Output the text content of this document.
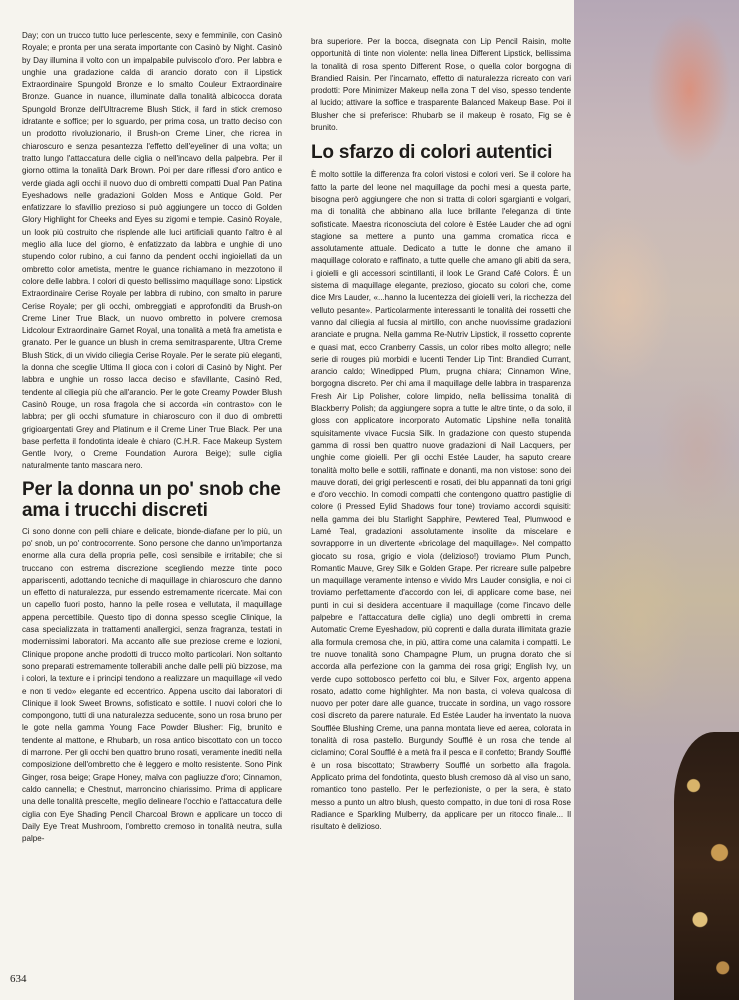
Day; con un trucco tutto luce perlescente, sexy e femminile, con Casinò Royale; e pronta per una serata importante con Casinò by Night. Casinò by Day illumina il volto con un impalpabile pulviscolo d'oro. Per labbra e unghie una gradazione calda di arancio dorato con il Lipstick Extraordinaire Spungold Bronze e lo smalto Couleur Extraordinaire Bronze. Guance in nuance, illuminate dalla tonalità albicocca dorata Spungold Bronze dell'Ultracreme Blush Stick, il fard in stick cremoso idratante e soffice; per lo sguardo, per prima cosa, un tratto deciso con un prodotto rivoluzionario, il Brush-on Creme Liner, che ricrea in chiaroscuro e senza pesantezza l'effetto dell'eyeliner di una volta; un tratto lungo l'attaccatura delle ciglia o nell'incavo della palpebra. Per il giorno ottima la tonalità Dark Brown. Poi per dare riflessi d'oro antico e verde giada agli occhi il nuovo duo di ombretti compatti Dual Pan Patina Eyeshadows nelle gradazioni Golden Moss e Antique Gold. Per enfatizzare lo sfavillio prezioso si può aggiungere un tocco di Golden Glory Highlight for Cheeks and Eyes su zigomi e tempie. Casinò Royale, un look più costruito che risplende alle luci artificiali quanto l'altro è al meglio alla luce del giorno, è enfatizzato da labbra e unghie di uno stupendo color rubino, a cui fanno da pendent occhi ingioiellati da un ombretto color ametista, mentre le guance richiamano in mezzotono il colore delle labbra. I colori di questo bellissimo maquillage sono: Lipstick Extraordinaire Cerise Royale per labbra di rubino, con smalto in parure Cerise Royale; per gli occhi, ombreggiati e approfonditi da Brush-on Creme Liner True Black, un nuovo ombretto in polvere cremosa Lidcolour Extraordinaire Garnet Royal, una tonalità a metà fra ametista e granato. Per le guance un blush in crema semitrasparente, Ultra Creme Blush Stick, di un vivido ciliegia Cerise Royale. Per le serate più eleganti, la donna che sceglie Ultima II gioca con i colori di Casinò by Night. Per labbra e unghie un rosso lacca deciso e sfavillante, Casinò Red, tendente al ciliegia più che all'arancio. Per le gote Creamy Powder Blush Casinò Rouge, un rosa fragola che si accorda «in contrasto» con le labbra; per gli occhi sfumature in chiaroscuro con il duo di ombretti grigioargentati Grey and Platinum e il Creme Liner True Black. Per una base perfetta il fondotinta ideale è chiaro (C.H.R. Face Makeup System Gentle Ivory, o Creme Foundation Aurora Beige); sulle ciglia naturalmente tanto mascara nero.

Per la donna un po' snob che ama i trucchi discreti

Ci sono donne con pelli chiare e delicate, bionde-diafane per lo più, un po' snob, un po' controcorrente. Sono persone che danno un'importanza enorme alla cura della propria pelle, così sensibile e irritabile; che si truccano con estrema discrezione scegliendo mezze tinte poco appariscenti, adottando tecniche di maquillage in chiaroscuro che danno un effetto di naturalezza, pur essendo estremamente ricercate. Mai con un capello fuori posto, hanno la pelle rosea e vellutata, il maquillage appena percettibile. Questo tipo di donna spesso sceglie Clinique, la casa specializzata in trattamenti anallergici, senza fragranza, testati in modernissimi laboratori. Ma accanto alle sue preziose creme e lozioni, Clinique propone anche prodotti di trucco molto particolari. Non soltanto sono preparati estremamente tollerabili anche dalle pelli più bizzose, ma i colori, la texture e i principi tendono a realizzare un maquillage «il vedo e non ti vedo» elegante ed eccentrico. Appena uscito dai laboratori di Clinique il look Sweet Browns, sofisticato e sottile. I nuovi colori che lo compongono, tutti di una naturalezza seducente, sono un rosa bruno per le gote nella gamma Young Face Powder Blusher: Fig, brunito e tendente al mattone, e Rhubarb, un rosa antico biscottato con un tocco di marrone. Per gli occhi ben quattro bruno rosati, veramente inediti nella composizione dell'ombretto che è leggero e molto resistente. Sono Pink Ginger, rosa beige; Grape Honey, malva con pagliuzze d'oro; Cinnamon, caldo cannella; e Chestnut, marroncino chiarissimo. Prima di applicare una delle tonalità prescelte, meglio delineare l'occhio e l'attaccatura delle ciglia con Eye Shading Pencil Charcoal Brown e applicare un tocco di Daily Eye Treat Mushroom, l'ombretto cremoso in tonalità neutra, sulla palpe-

bra superiore. Per la bocca, disegnata con Lip Pencil Raisin, molte opportunità di tinte non violente: nella linea Different Lipstick, bellissima la tonalità di rosa spento Different Rose, o quella color borgogna di Brandied Raisin. Per l'incarnato, effetto di naturalezza ricreato con vari prodotti: Pore Minimizer Makeup nella zona T del viso, spesso tendente al lucido; attivare la soffice e trasparente Balanced Makeup Base. Poi il Blusher che si preferisce: Rhubarb se il makeup è rosato, Fig se è brunito.

Lo sfarzo di colori autentici

È molto sottile la differenza fra colori vistosi e colori veri. Se il colore ha fatto la parte del leone nel maquillage da pochi mesi a questa parte, bisogna però aggiungere che non si tratta di colori sgargianti e volgari, ma di tonalità che abbinano alla luce brillante l'eleganza di tinte sofisticate. Maestra riconosciuta del colore è Estée Lauder che ad ogni stagione sa mettere a punto una gamma cromatica ricca e assolutamente attuale. Dedicato a tutte le donne che amano il maquillage colorato e raffinato, a tutte quelle che amano gli abiti da sera, i gioielli e gli accessori scintillanti, il look Le Grand Café Colors. È un sistema di maquillage elegante, prezioso, giocato su colori che, come dice Mrs Lauder, «...hanno la lucentezza dei gioielli veri, la ricchezza del velluto pesante». Particolarmente interessanti le tonalità dei rossetti che vanno dal ciliegia al fucsia al mirtillo, con anche nuovissime gradazioni aranciate e prugna. Nella gamma Re-Nutriv Lipstick, il rossetto coprente e quasi mat, ecco Cranberry Cassis, un color ribes molto allegro; nelle serie di rouges più morbidi e lucenti Tender Lip Tint: Brandied Currant, arancio caldo; Winedipped Plum, prugna chiara; Cinnamon Wine, borgogna discreto. Per chi ama il maquillage delle labbra in trasparenza Fresh Air Lip Polisher, colore limpido, nella bellissima tonalità di Blackberry Polish; da aggiungere sopra a tutte le altre tinte, o da solo, il gloss con applicatore incorporato Automatic Lipshine nella tonalità squisitamente vivace Fucsia Silk. In gradazione con questo stupenda gamma di rossi ben quattro nuove gradazioni di Nail Lacquers, per unghie come gioielli. Per gli occhi Estée Lauder, ha saputo creare tonalità molto belle e sottili, raffinate e donanti, ma non vistose: sono dei mauve dorati, dei grigi perlescenti e rosati, dei blu appannati da toni grigi e d'oro vecchio. In comodi compatti che contengono quattro pastiglie di colore (i Pressed Eylid Shadows four tone) troviamo accordi squisiti: nella gamma dei blu Starlight Sapphire, Pewtered Teal, Plumwood e Lamé Teal, gradazioni assolutamente insolite da miscelare e sovrapporre in un divertente «bricolage del maquillage». Nel compatto giocato su rosa, grigio e viola (delizioso!) troviamo Plum Punch, Romantic Mauve, Grey Silk e Golden Grape. Per ricreare sulle palpebre un maquillage veramente intenso e vivido Mrs Lauder consiglia, e noi ci troviamo perfettamente d'accordo con lei, di applicare come base, nei punti in cui si desidera accentuare il maquillage (come l'incavo delle palpebre e l'attaccatura delle ciglia) uno degli ombretti in crema Automatic Creme Eyeshadow, più coprenti e dalla durata illimitata grazie alla formula cremosa che, in più, attira come una calamita i compatti. Le tre nuove tonalità sono Champagne Plum, un prugna dorato che si accorda alla perfezione con la gamma dei rosa grigi; English Ivy, un verde cupo sottobosco perfetto coi blu, e Silver Fox, argento appena rosato, adatto come highlighter. Ma non basta, ci voleva qualcosa di nuovo per poter dare alle guance, truccate in sordina, un vago rossore così discreto da parere naturale. Ed Estée Lauder ha inventato la nuova Soufflée Blushing Creme, una panna montata lieve ed aerea, colorata in tonalità di rosa pastello. Burgundy Soufflé è un rosa che tende al ciclamino; Coral Soufflé è a metà fra il pesca e il confetto; Brandy Soufflé è un rosa biscottato; Strawberry Soufflé un sorbetto alla fragola. Applicato prima del fondotinta, questo blush cremoso dà al viso un sano, romantico tono pastello. Per le perfezioniste, o per la sera, è stato messo a punto un altro blush, questo compatto, in due toni di rosa Rose Radiance e Sparkling Mulberry, da applicare per un ritocco finale... Il risultato è delizioso.

634
